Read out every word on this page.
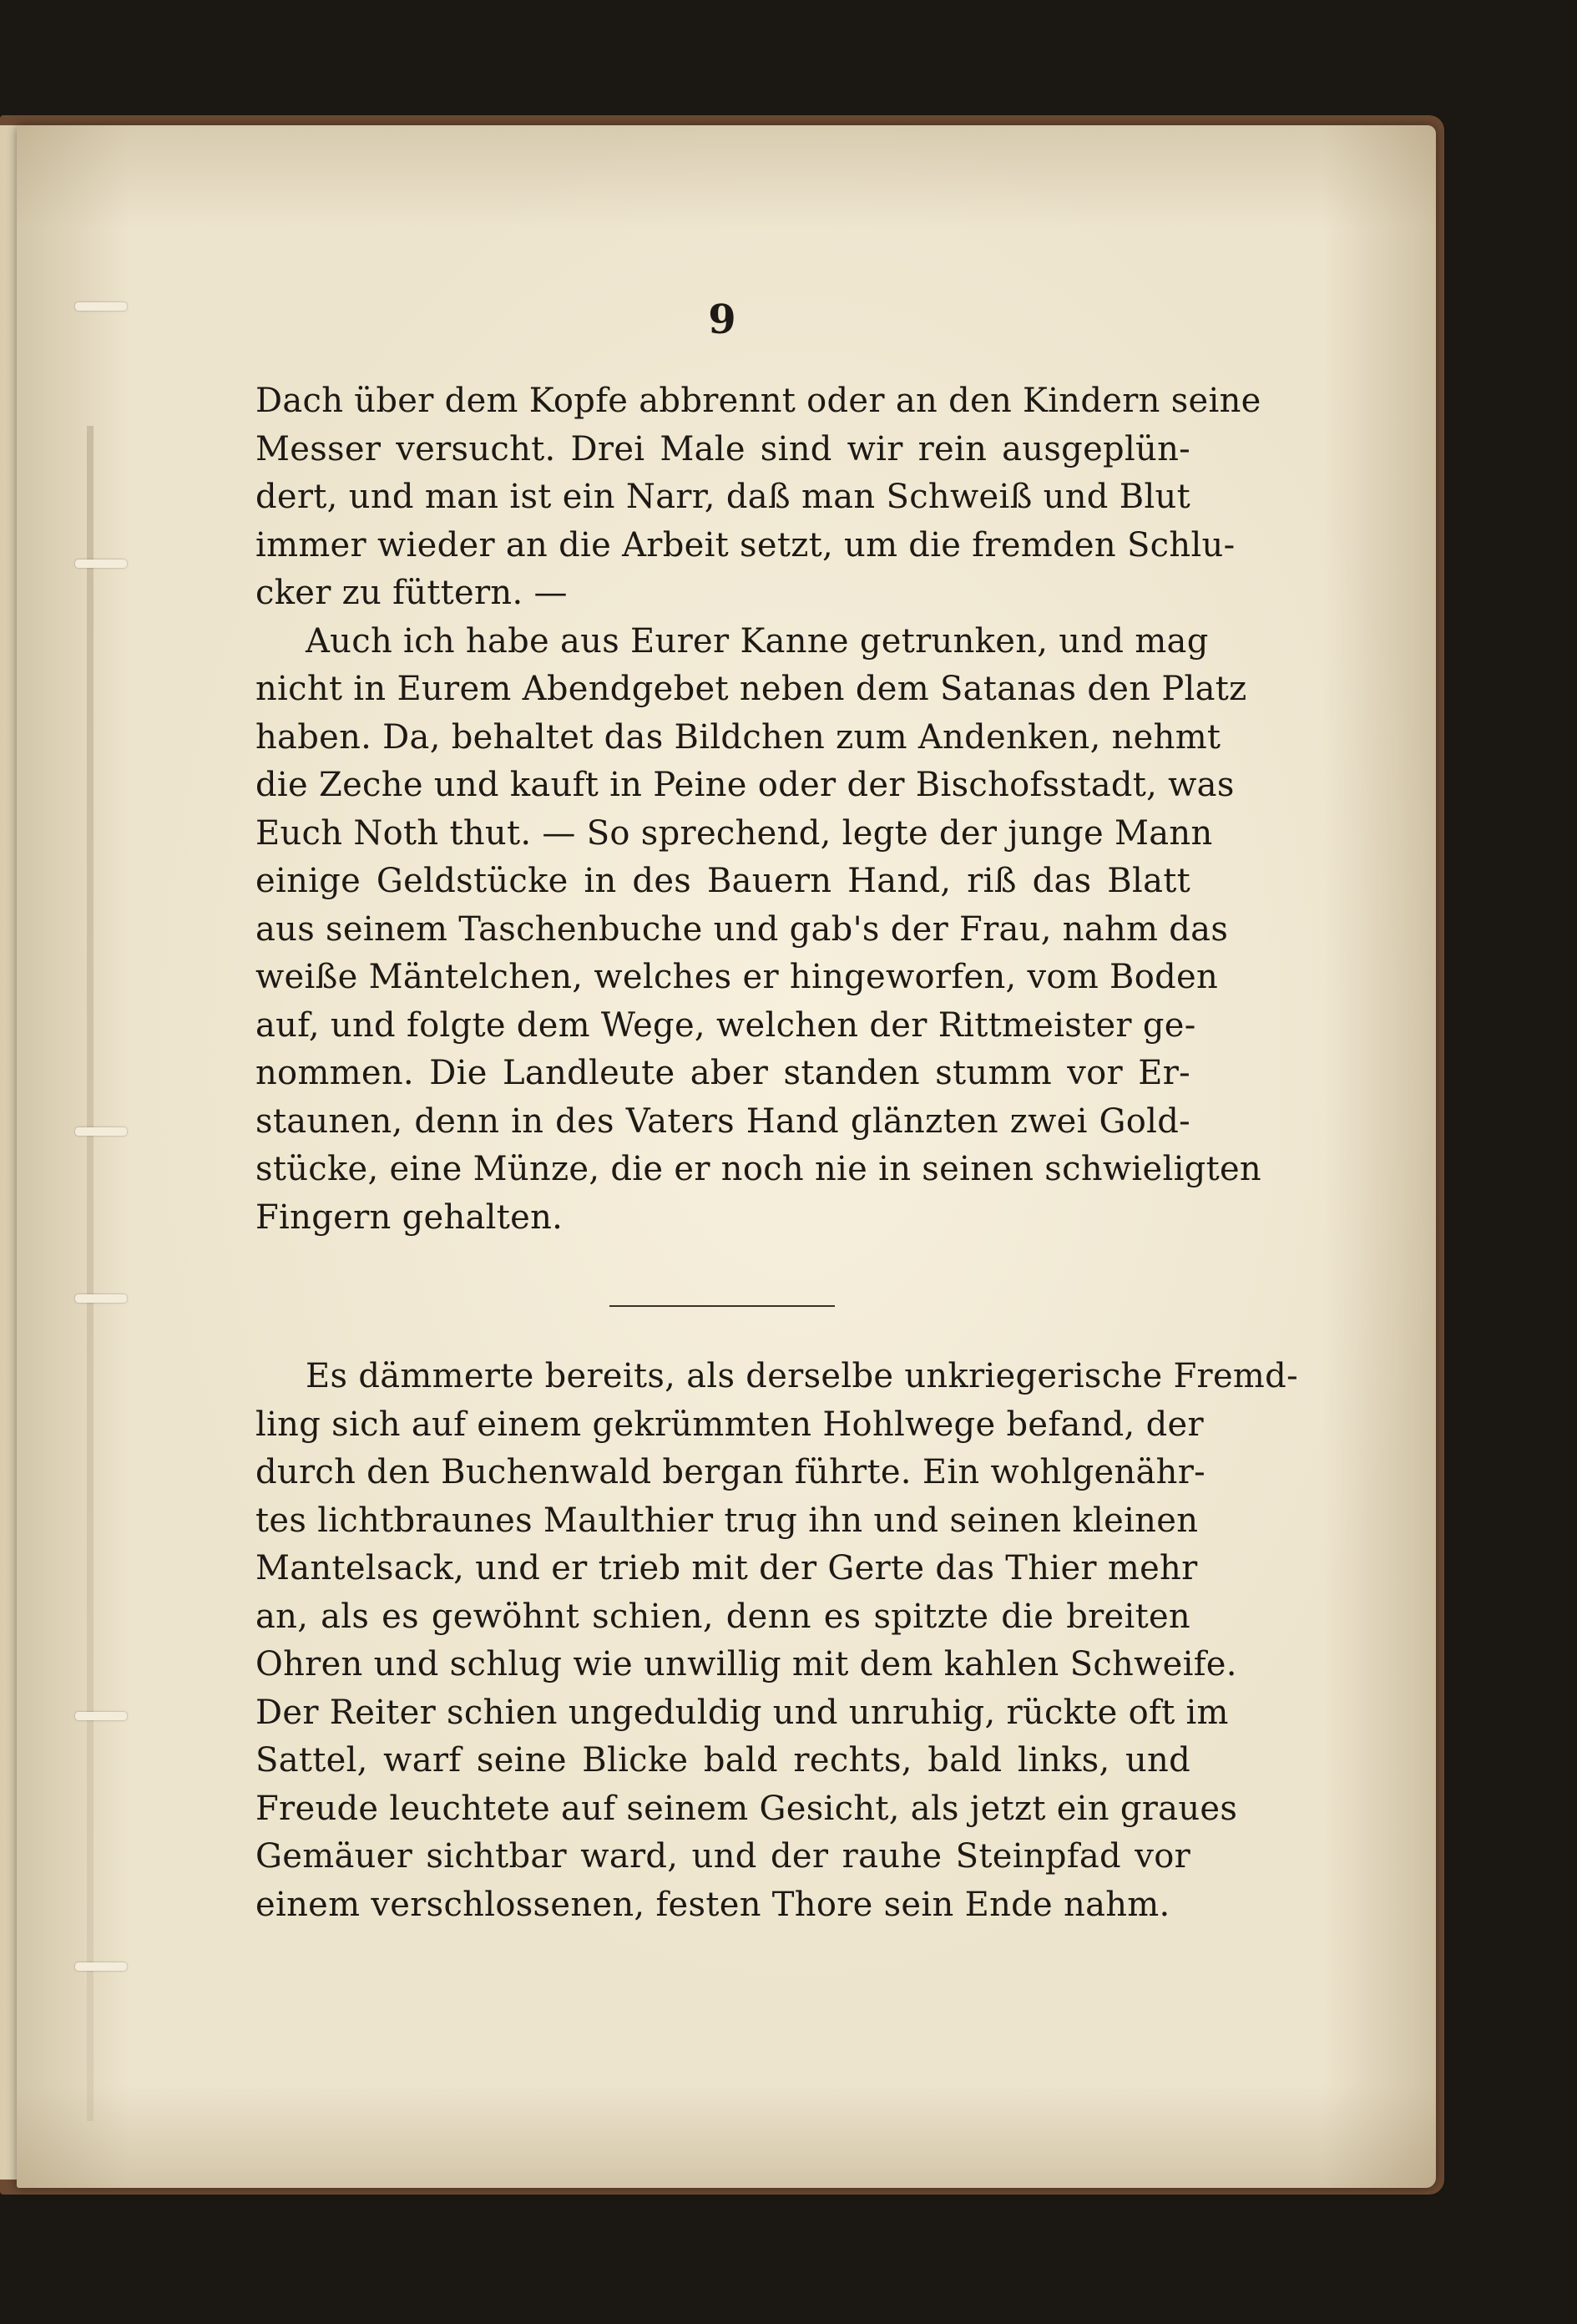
9
Dach über dem Kopfe abbrennt oder an den Kindern seine
Messer versucht. Drei Male sind wir rein ausgeplün-
dert, und man ist ein Narr, daß man Schweiß und Blut
immer wieder an die Arbeit setzt, um die fremden Schlu-
cker zu füttern. —
Auch ich habe aus Eurer Kanne getrunken, und mag
nicht in Eurem Abendgebet neben dem Satanas den Platz
haben. Da, behaltet das Bildchen zum Andenken, nehmt
die Zeche und kauft in Peine oder der Bischofsstadt, was
Euch Noth thut. — So sprechend, legte der junge Mann
einige Geldstücke in des Bauern Hand, riß das Blatt
aus seinem Taschenbuche und gab's der Frau, nahm das
weiße Mäntelchen, welches er hingeworfen, vom Boden
auf, und folgte dem Wege, welchen der Rittmeister ge-
nommen. Die Landleute aber standen stumm vor Er-
staunen, denn in des Vaters Hand glänzten zwei Gold-
stücke, eine Münze, die er noch nie in seinen schwieligten
Fingern gehalten.
Es dämmerte bereits, als derselbe unkriegerische Fremd-
ling sich auf einem gekrümmten Hohlwege befand, der
durch den Buchenwald bergan führte. Ein wohlgenähr-
tes lichtbraunes Maulthier trug ihn und seinen kleinen
Mantelsack, und er trieb mit der Gerte das Thier mehr
an, als es gewöhnt schien, denn es spitzte die breiten
Ohren und schlug wie unwillig mit dem kahlen Schweife.
Der Reiter schien ungeduldig und unruhig, rückte oft im
Sattel, warf seine Blicke bald rechts, bald links, und
Freude leuchtete auf seinem Gesicht, als jetzt ein graues
Gemäuer sichtbar ward, und der rauhe Steinpfad vor
einem verschlossenen, festen Thore sein Ende nahm.
